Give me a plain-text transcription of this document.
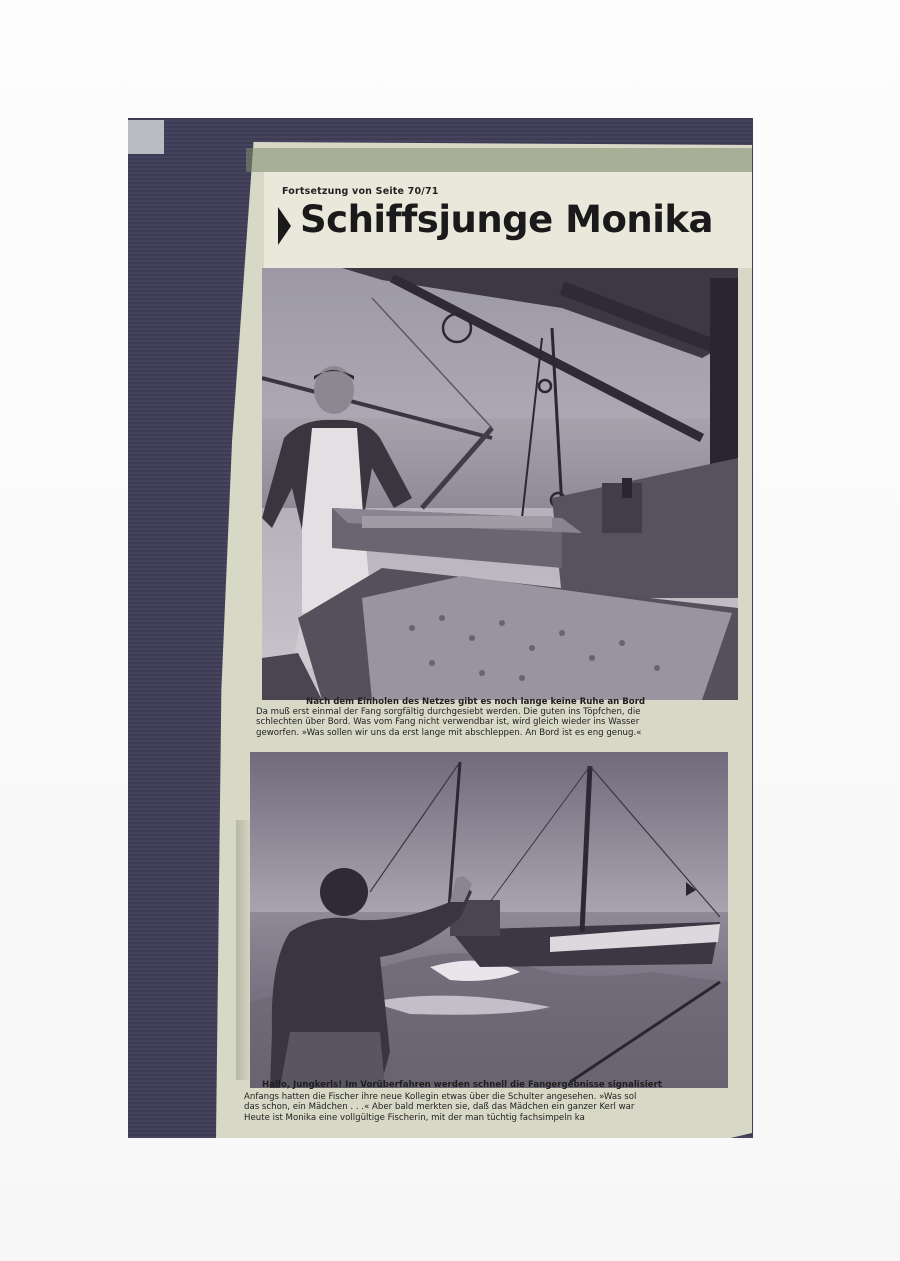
Fortsetzung von Seite 70/71
Schiffsjunge Monika
Nach dem Einholen des Netzes gibt es noch lange keine Ruhe an Bord
Da muß erst einmal der Fang sorgfältig durchgesiebt werden. Die guten ins Töpfchen, die
schlechten über Bord. Was vom Fang nicht verwendbar ist, wird gleich wieder ins Wasser
geworfen. »Was sollen wir uns da erst lange mit abschleppen. An Bord ist es eng genug.«
Hallo, Jungkerls! Im Vorüberfahren werden schnell die Fangergebnisse signalisiert
Anfangs hatten die Fischer ihre neue Kollegin etwas über die Schulter angesehen. »Was sol
das schon, ein Mädchen . . .« Aber bald merkten sie, daß das Mädchen ein ganzer Kerl war
Heute ist Monika eine vollgültige Fischerin, mit der man tüchtig fachsimpeln ka
